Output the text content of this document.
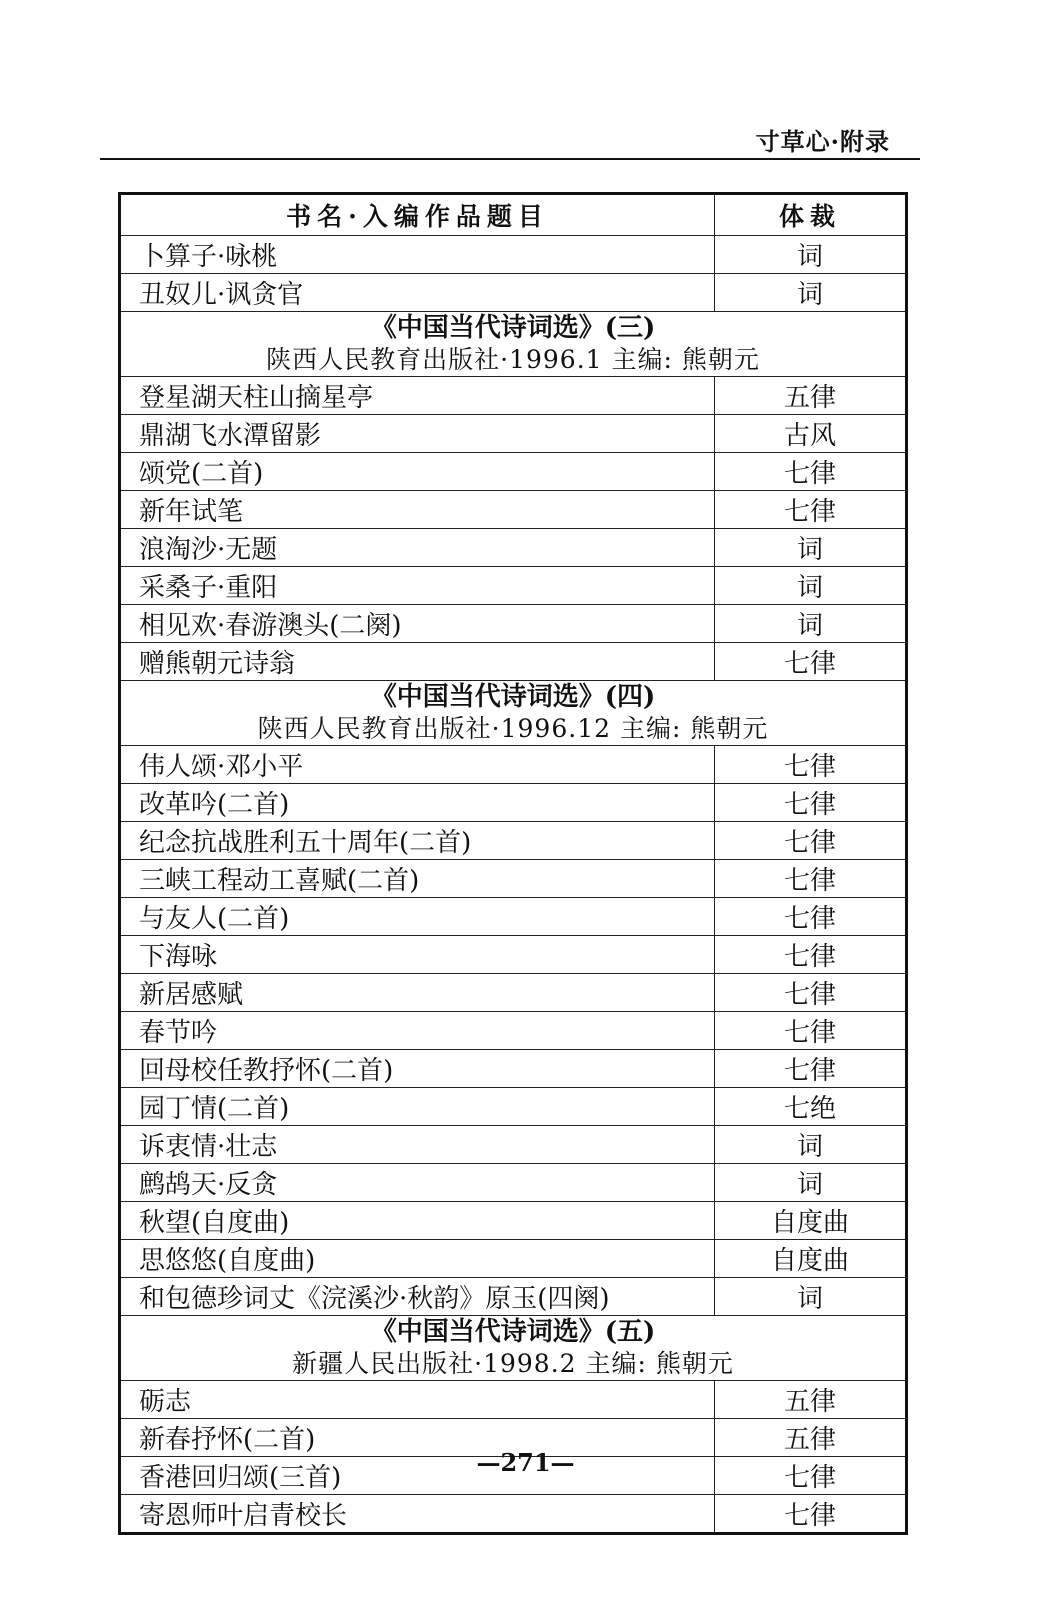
寸草心·附录
书名·入编作品题目	体裁
卜算子·咏桃	词
丑奴儿·讽贪官	词

《中国当代诗词选》(三)
陕西人民教育出版社·1996.1 主编: 熊朝元	

登星湖天柱山摘星亭	五律
鼎湖飞水潭留影	古风
颂党(二首)	七律
新年试笔	七律
浪淘沙·无题	词
采桑子·重阳	词
相见欢·春游澳头(二阕)	词
赠熊朝元诗翁	七律

《中国当代诗词选》(四)
陕西人民教育出版社·1996.12 主编: 熊朝元	

伟人颂·邓小平	七律
改革吟(二首)	七律
纪念抗战胜利五十周年(二首)	七律
三峡工程动工喜赋(二首)	七律
与友人(二首)	七律
下海咏	七律
新居感赋	七律
春节吟	七律
回母校任教抒怀(二首)	七律
园丁情(二首)	七绝
诉衷情·壮志	词
鹧鸪天·反贪	词
秋望(自度曲)	自度曲
思悠悠(自度曲)	自度曲
和包德珍词丈《浣溪沙·秋韵》原玉(四阕)	词

《中国当代诗词选》(五)
新疆人民出版社·1998.2 主编: 熊朝元	

砺志	五律
新春抒怀(二首)	五律
香港回归颂(三首)	七律
寄恩师叶启青校长	七律
—271—
